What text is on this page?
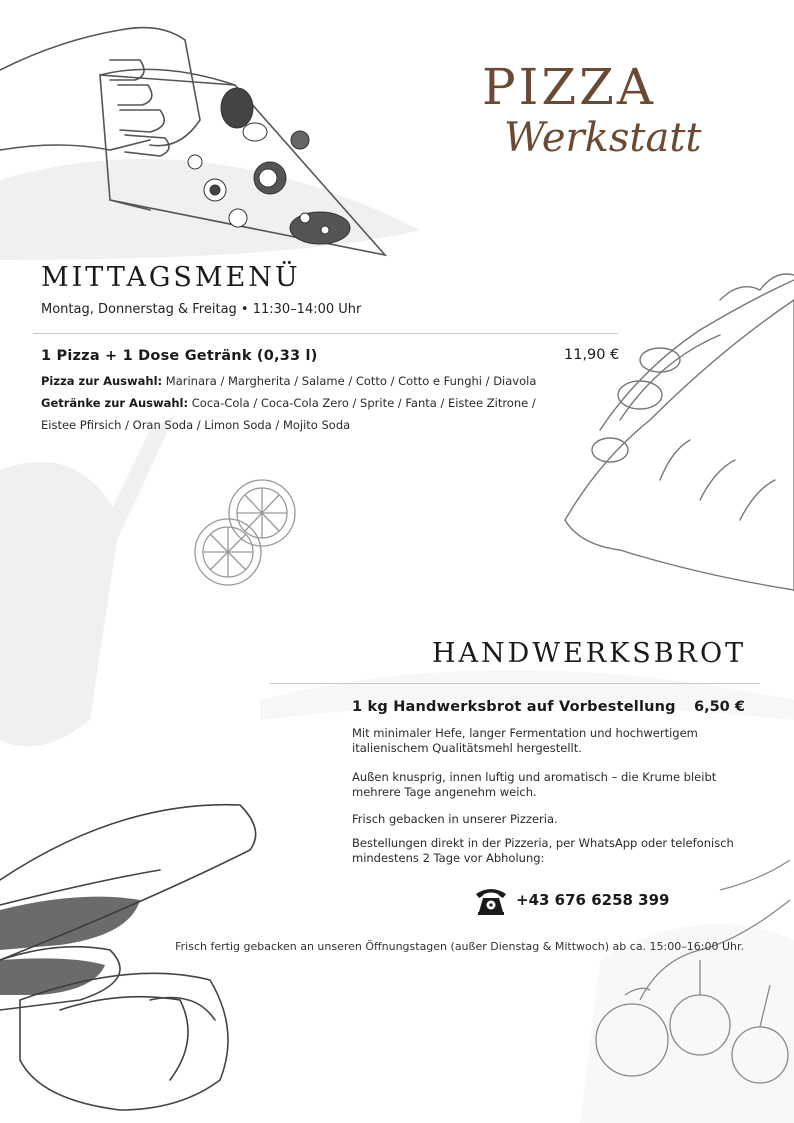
PIZZA
Werkstatt
MITTAGSMENÜ
Montag, Donnerstag & Freitag • 11:30–14:00 Uhr
1 Pizza + 1 Dose Getränk (0,33 l)	11,90 €
Pizza zur Auswahl: Marinara / Margherita / Salame / Cotto / Cotto e Funghi / Diavola
Getränke zur Auswahl: Coca-Cola / Coca-Cola Zero / Sprite / Fanta / Eistee Zitrone /
Eistee Pfirsich / Oran Soda / Limon Soda / Mojito Soda
HANDWERKSBROT
1 kg Handwerksbrot auf Vorbestellung 6,50 €
Mit minimaler Hefe, langer Fermentation und hochwertigem italienischem Qualitätsmehl hergestellt.
Außen knusprig, innen luftig und aromatisch – die Krume bleibt mehrere Tage angenehm weich.
Frisch gebacken in unserer Pizzeria.
Bestellungen direkt in der Pizzeria, per WhatsApp oder telefonisch mindestens 2 Tage vor Abholung:
+43 676 6258 399
Frisch fertig gebacken an unseren Öffnungstagen (außer Dienstag & Mittwoch) ab ca. 15:00–16:00 Uhr.
